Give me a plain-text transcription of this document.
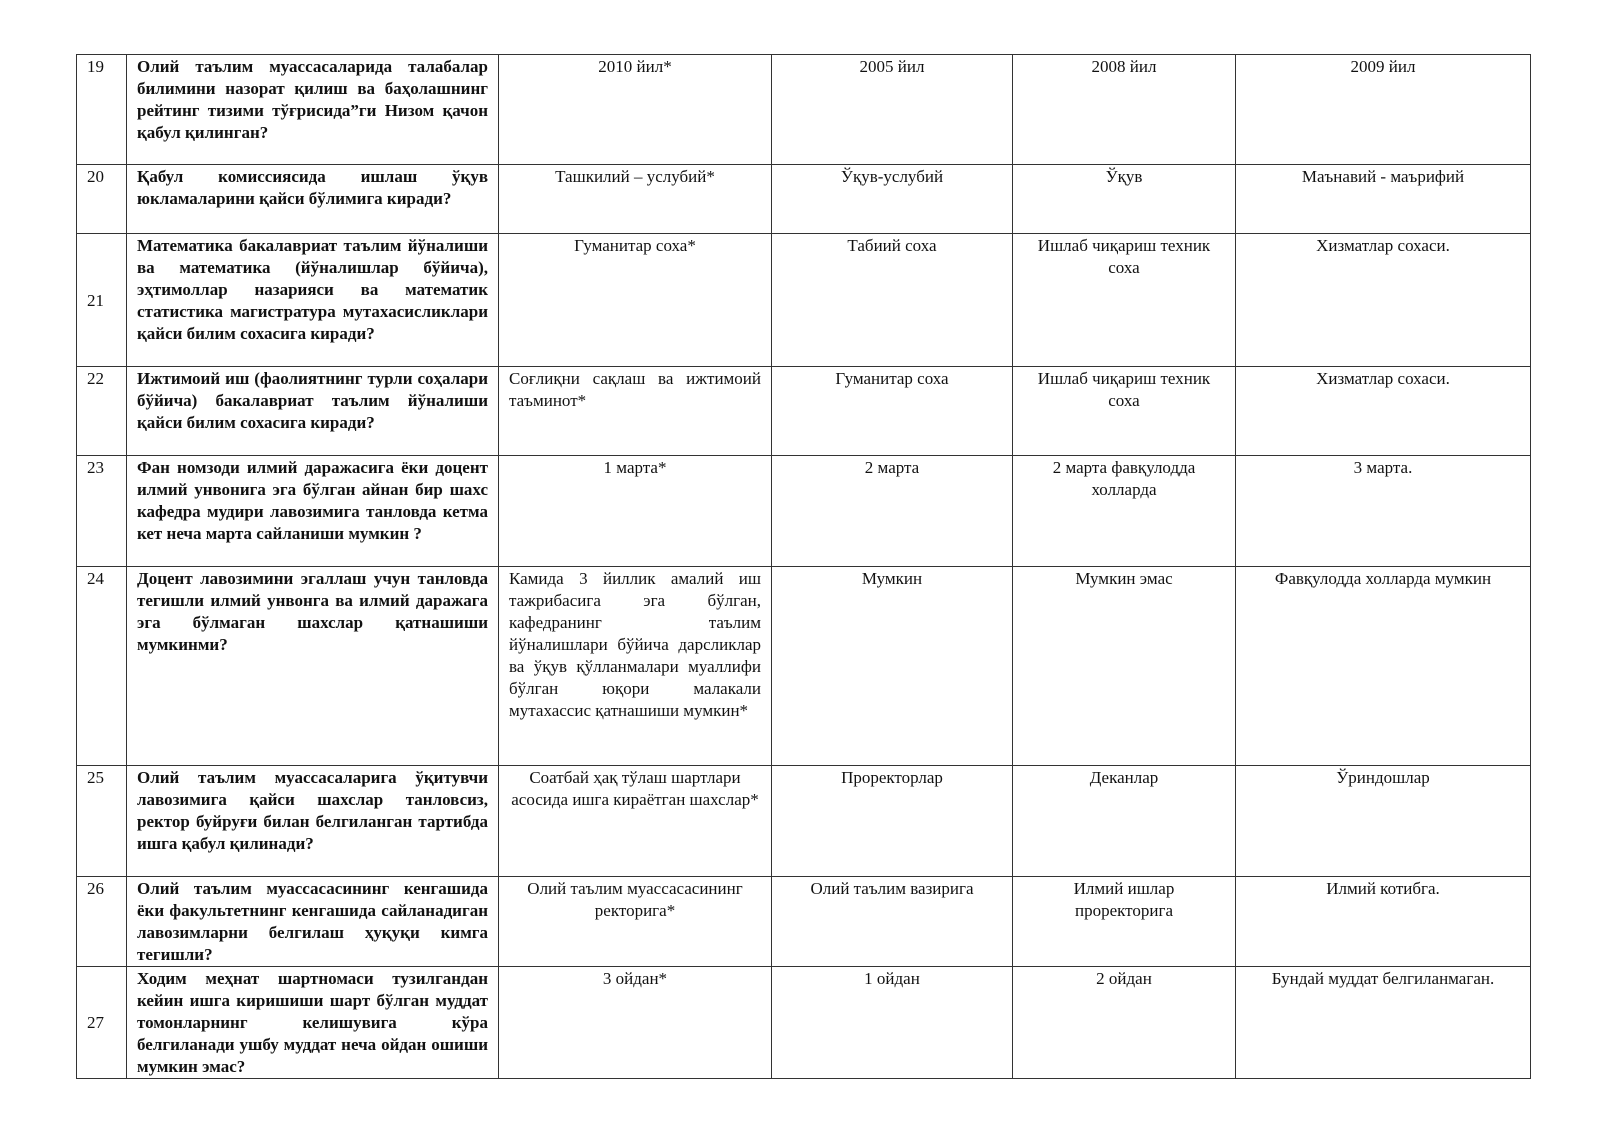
19	Олий таълим муассасаларида талабалар билимини назорат қилиш ва баҳолашнинг рейтинг тизими тўғрисида”ги Низом қачон қабул қилинган?	2010 йил*	2005 йил	2008 йил	2009 йил
20	Қабул комиссиясида ишлаш ўқув юкламаларини қайси бўлимига киради?	Ташкилий – услубий*	Ўқув-услубий	Ўқув	Маънавий - маърифий
21	Математика бакалавриат таълим йўналиши ва математика (йўналишлар бўйича), эҳтимоллар назарияси ва математик статистика магистратура мутахасисликлари қайси билим сохасига киради?	Гуманитар соха*	Табиий соха	Ишлаб чиқариш техник соха	Хизматлар сохаси.
22	Ижтимоий иш (фаолиятнинг турли соҳалари бўйича) бакалавриат таълим йўналиши қайси билим сохасига киради?	Соғлиқни сақлаш ва ижтимоий таъминот*	Гуманитар соха	Ишлаб чиқариш техник соха	Хизматлар сохаси.
23	Фан номзоди илмий даражасига ёки доцент илмий унвонига эга бўлган айнан бир шахс кафедра мудири лавозимига танловда кетма кет неча марта сайланиши мумкин ?	1 марта*	2 марта	2 марта фавқулодда холларда	3 марта.
24	Доцент лавозимини эгаллаш учун танловда тегишли илмий унвонга ва илмий даражага эга бўлмаган шахслар қатнашиши мумкинми?	Камида 3 йиллик амалий иш тажрибасига эга бўлган, кафедранинг таълим йўналишлари бўйича дарсликлар ва ўқув қўлланмалари муаллифи бўлган юқори малакали мутахассис қатнашиши мумкин*	Мумкин	Мумкин эмас	Фавқулодда холларда мумкин
25	Олий таълим муассасаларига ўқитувчи лавозимига қайси шахслар танловсиз, ректор буйруғи билан белгиланган тартибда ишга қабул қилинади?	Соатбай ҳақ тўлаш шартлари асосида ишга кираётган шахслар*	Проректорлар	Деканлар	Ўриндошлар
26	Олий таълим муассасасининг кенгашида ёки факультетнинг кенгашида сайланадиган лавозимларни белгилаш ҳуқуқи кимга тегишли?	Олий таълим муассасасининг ректорига*	Олий таълим вазирига	Илмий ишлар проректорига	Илмий котибга.
27	Ходим меҳнат шартномаси тузилгандан кейин ишга киришиши шарт бўлган муддат томонларнинг келишувига кўра белгиланади ушбу муддат неча ойдан ошиши мумкин эмас?	3 ойдан*	1 ойдан	2 ойдан	Бундай муддат белгиланмаган.
